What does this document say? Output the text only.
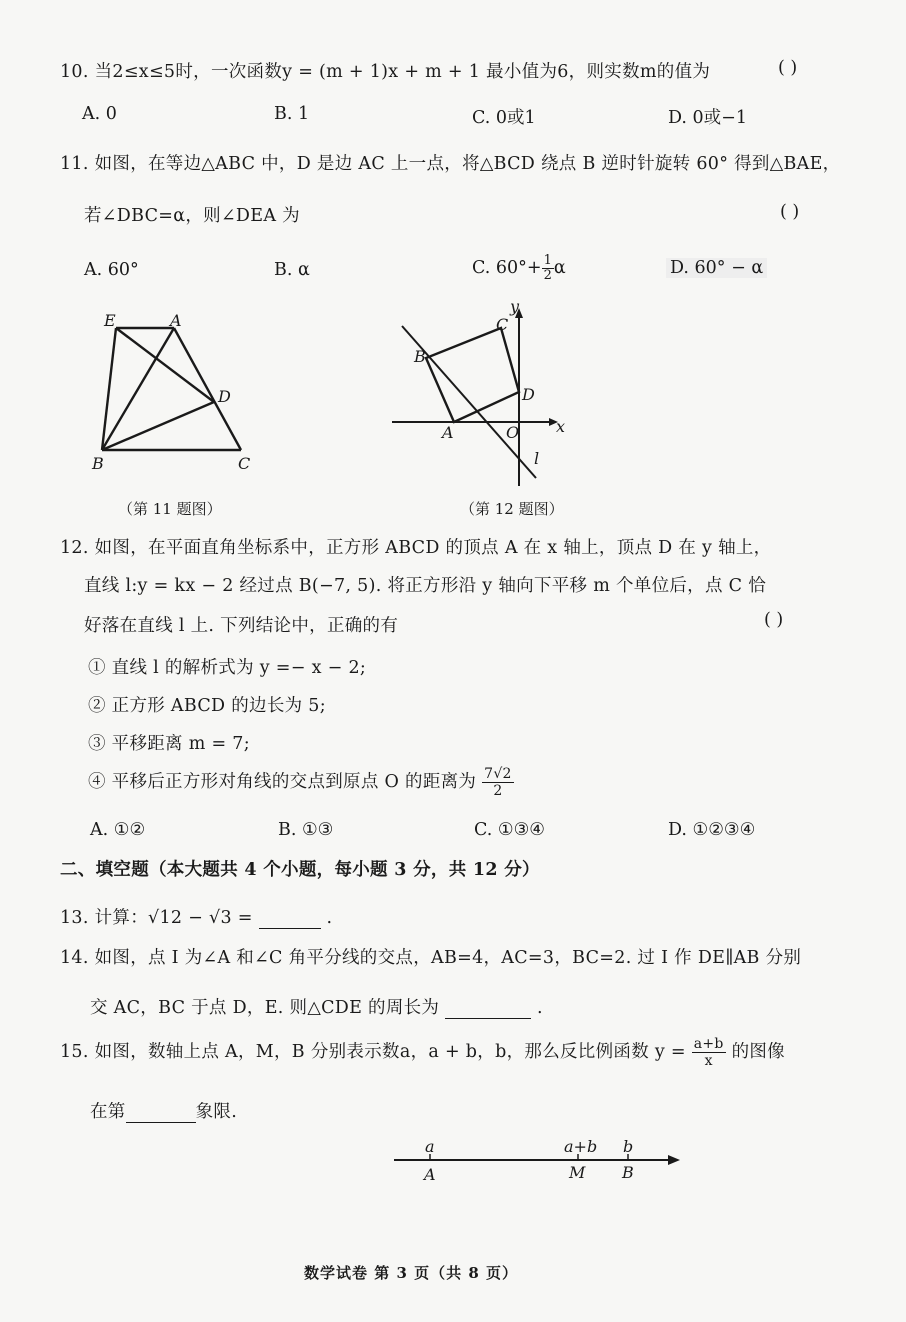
10. 当2≤x≤5时，一次函数y = (m + 1)x + m + 1 最小值为6，则实数m的值为	( )
A. 0	B. 1	C. 0或1	D. 0或−1
11. 如图，在等边△ABC 中，D 是边 AC 上一点，将△BCD 绕点 B 逆时针旋转 60° 得到△BAE，
若∠DBC=α，则∠DEA 为	( )
A. 60°	B. α	C. $60^\circ+ \frac{1}{2}$ α	D. 60° − α
E	A
D
B	C
（第 11 题图）
y
C
B
D
A	O x
l
（第 12 题图）
12. 如图，在平面直角坐标系中，正方形 ABCD 的顶点 A 在 x 轴上，顶点 D 在 y 轴上，
直线 l:y = kx − 2 经过点 B(−7, 5). 将正方形沿 y 轴向下平移 m 个单位后，点 C 恰
好落在直线 l 上. 下列结论中，正确的有	( )
① 直线 l 的解析式为 y =− x − 2;
② 正方形 ABCD 的边长为 5;
③ 平移距离 m = 7;
④ 平移后正方形对角线的交点到原点 O 的距离为 $\frac{7√2}{2}$
A. ①②	B. ①③	C. ①③④	D. ①②③④
二、填空题（本大题共 4 个小题，每小题 3 分，共 12 分）
13. 计算：√12 − √3 =	.
14. 如图，点 I 为∠A 和∠C 角平分线的交点，AB=4，AC=3，BC=2. 过 I 作 DE∥AB 分别
交 AC，BC 于点 D，E. 则△CDE 的周长为	.
15. 如图，数轴上点 A，M，B 分别表示数a，a + b，b，那么反比例函数 $y = \frac{a+b}{x}$ 的图像
在第	象限.
a	a+b b
A	M B
数学试卷 第 3 页（共 8 页）
